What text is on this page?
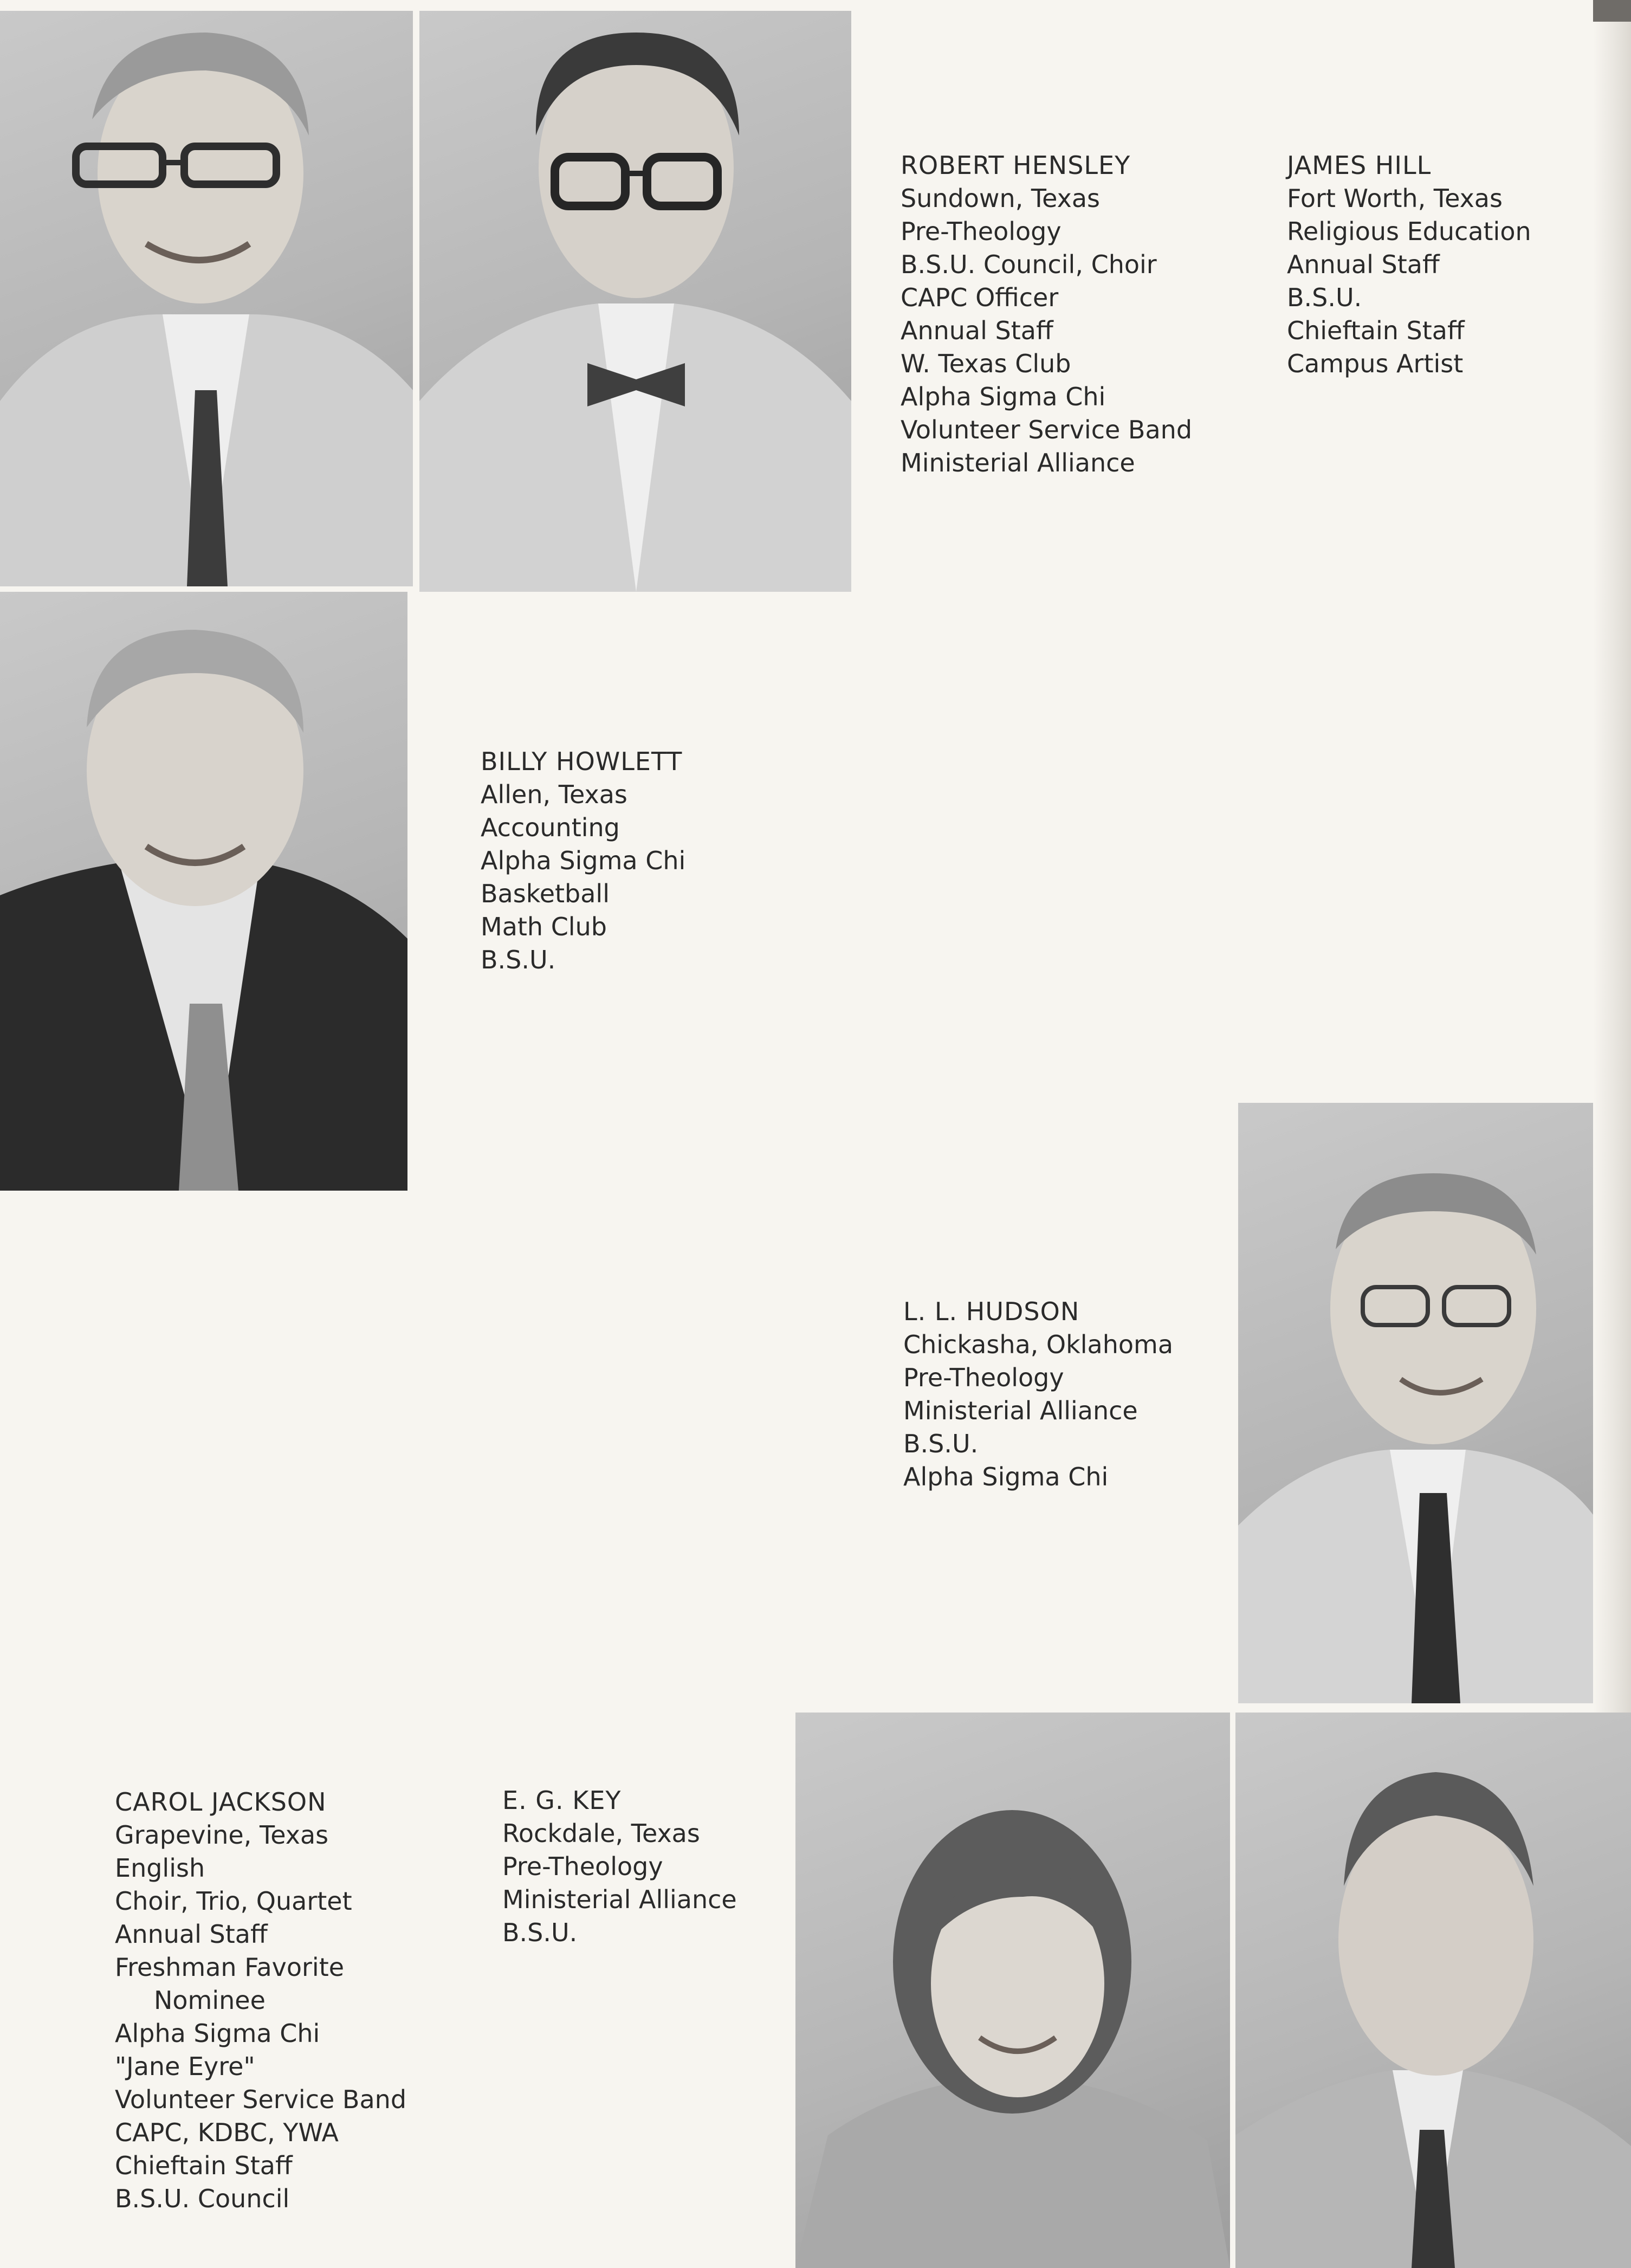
ROBERT HENSLEY
Sundown, Texas
Pre-Theology
B.S.U. Council, Choir
CAPC Officer
Annual Staff
W. Texas Club
Alpha Sigma Chi
Volunteer Service Band
Ministerial Alliance
JAMES HILL
Fort Worth, Texas
Religious Education
Annual Staff
B.S.U.
Chieftain Staff
Campus Artist
BILLY HOWLETT
Allen, Texas
Accounting
Alpha Sigma Chi
Basketball
Math Club
B.S.U.
L. L. HUDSON
Chickasha, Oklahoma
Pre-Theology
Ministerial Alliance
B.S.U.
Alpha Sigma Chi
CAROL JACKSON
Grapevine, Texas
English
Choir, Trio, Quartet
Annual Staff
Freshman Favorite
Nominee
Alpha Sigma Chi
"Jane Eyre"
Volunteer Service Band
CAPC, KDBC, YWA
Chieftain Staff
B.S.U. Council
E. G. KEY
Rockdale, Texas
Pre-Theology
Ministerial Alliance
B.S.U.
